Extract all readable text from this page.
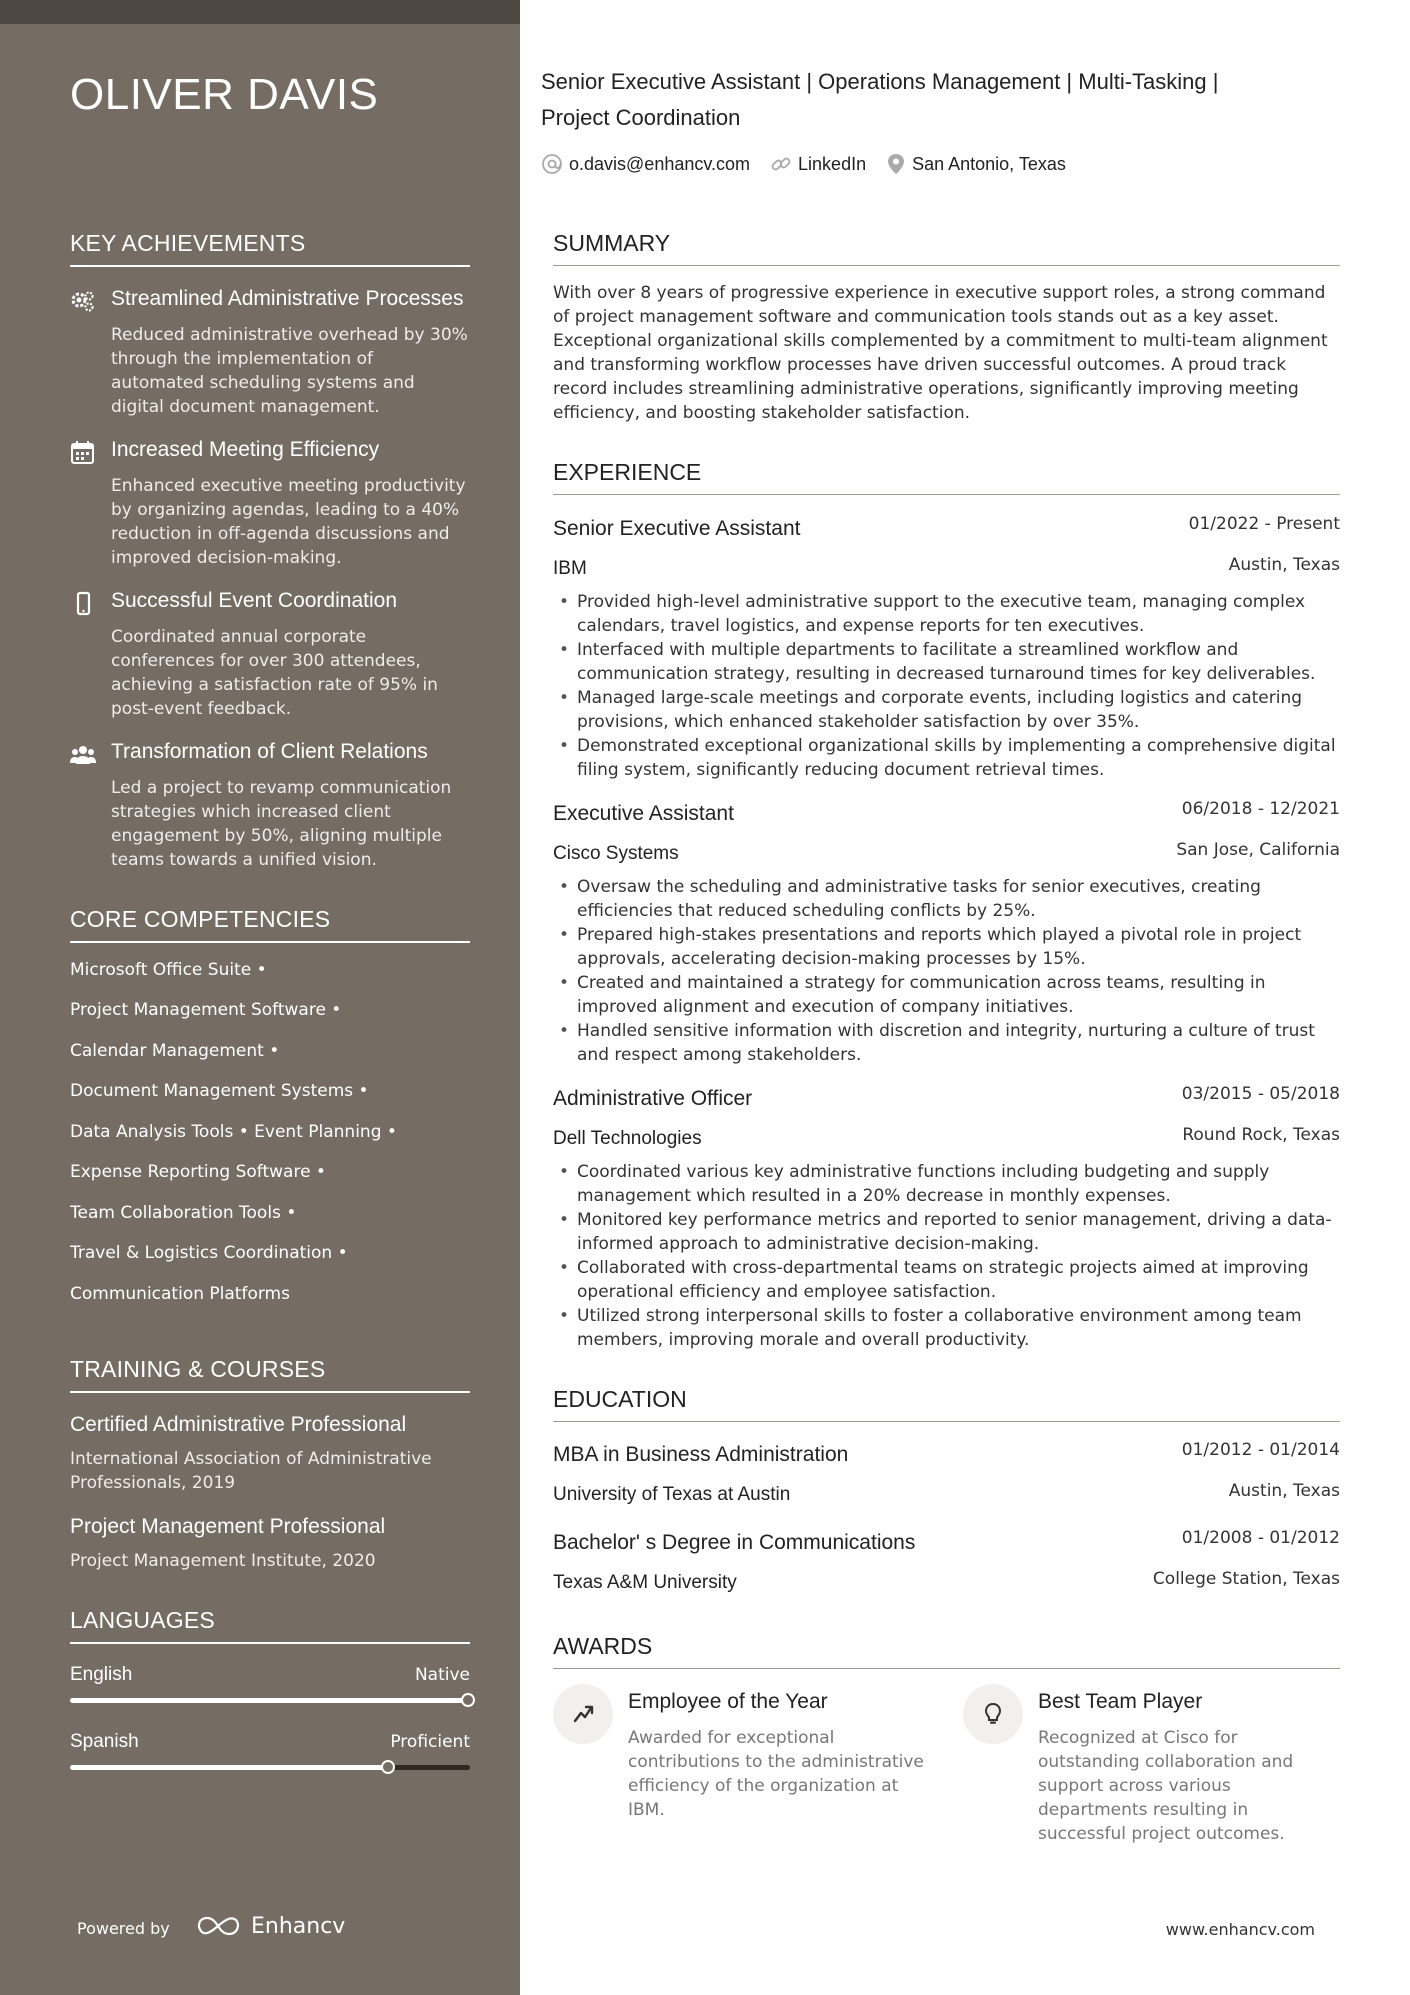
OLIVER DAVIS
KEY ACHIEVEMENTS
Streamlined Administrative Processes
Reduced administrative overhead by 30% through the implementation of automated scheduling systems and digital document management.
Increased Meeting Efficiency
Enhanced executive meeting productivity by organizing agendas, leading to a 40% reduction in off-agenda discussions and improved decision-making.
Successful Event Coordination
Coordinated annual corporate conferences for over 300 attendees, achieving a satisfaction rate of 95% in post-event feedback.
Transformation of Client Relations
Led a project to revamp communication strategies which increased client engagement by 50%, aligning multiple teams towards a unified vision.
CORE COMPETENCIES
Microsoft Office Suite •
Project Management Software •
Calendar Management •
Document Management Systems •
Data Analysis Tools • Event Planning •
Expense Reporting Software •
Team Collaboration Tools •
Travel & Logistics Coordination •
Communication Platforms
TRAINING & COURSES
Certified Administrative Professional
International Association of Administrative Professionals, 2019
Project Management Professional
Project Management Institute, 2020
LANGUAGES
English	Native
Spanish	Proficient
Powered by	Enhancv
Senior Executive Assistant | Operations Management | Multi-Tasking | Project Coordination
o.davis@enhancv.com	LinkedIn	San Antonio, Texas
SUMMARY
With over 8 years of progressive experience in executive support roles, a strong command of project management software and communication tools stands out as a key asset. Exceptional organizational skills complemented by a commitment to multi-team alignment and transforming workflow processes have driven successful outcomes. A proud track record includes streamlining administrative operations, significantly improving meeting efficiency, and boosting stakeholder satisfaction.
EXPERIENCE
Senior Executive Assistant	01/2022 - Present
IBM	Austin, Texas
• Provided high-level administrative support to the executive team, managing complex calendars, travel logistics, and expense reports for ten executives.
• Interfaced with multiple departments to facilitate a streamlined workflow and communication strategy, resulting in decreased turnaround times for key deliverables.
• Managed large-scale meetings and corporate events, including logistics and catering provisions, which enhanced stakeholder satisfaction by over 35%.
• Demonstrated exceptional organizational skills by implementing a comprehensive digital filing system, significantly reducing document retrieval times.
Executive Assistant	06/2018 - 12/2021
Cisco Systems	San Jose, California
• Oversaw the scheduling and administrative tasks for senior executives, creating efficiencies that reduced scheduling conflicts by 25%.
• Prepared high-stakes presentations and reports which played a pivotal role in project approvals, accelerating decision-making processes by 15%.
• Created and maintained a strategy for communication across teams, resulting in improved alignment and execution of company initiatives.
• Handled sensitive information with discretion and integrity, nurturing a culture of trust and respect among stakeholders.
Administrative Officer	03/2015 - 05/2018
Dell Technologies	Round Rock, Texas
• Coordinated various key administrative functions including budgeting and supply management which resulted in a 20% decrease in monthly expenses.
• Monitored key performance metrics and reported to senior management, driving a data-informed approach to administrative decision-making.
• Collaborated with cross-departmental teams on strategic projects aimed at improving operational efficiency and employee satisfaction.
• Utilized strong interpersonal skills to foster a collaborative environment among team members, improving morale and overall productivity.
EDUCATION
MBA in Business Administration	01/2012 - 01/2014
University of Texas at Austin	Austin, Texas
Bachelor' s Degree in Communications	01/2008 - 01/2012
Texas A&M University	College Station, Texas
AWARDS
Employee of the Year
Awarded for exceptional contributions to the administrative efficiency of the organization at IBM.
Best Team Player
Recognized at Cisco for outstanding collaboration and support across various departments resulting in successful project outcomes.
www.enhancv.com
